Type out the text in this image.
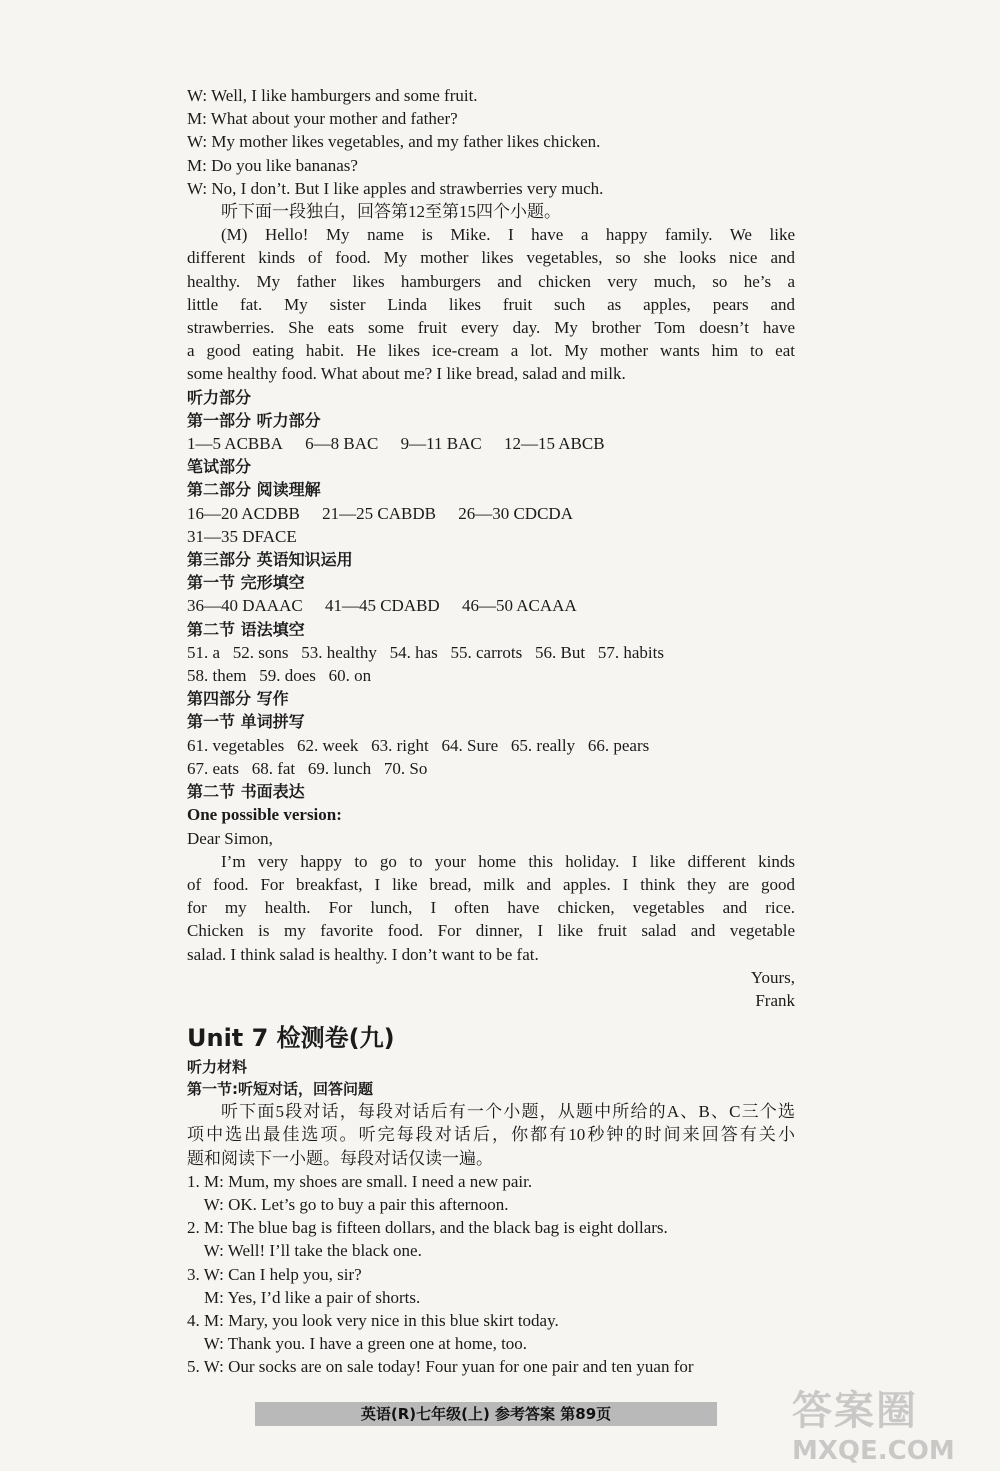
W: Well, I like hamburgers and some fruit.
M: What about your mother and father?
W: My mother likes vegetables, and my father likes chicken.
M: Do you like bananas?
W: No, I don’t. But I like apples and strawberries very much.
听下面一段独白，回答第12至第15四个小题。
(M) Hello! My name is Mike. I have a happy family. We like
different kinds of food. My mother likes vegetables, so she looks nice and
healthy. My father likes hamburgers and chicken very much, so he’s a
little fat. My sister Linda likes fruit such as apples, pears and
strawberries. She eats some fruit every day. My brother Tom doesn’t have
a good eating habit. He likes ice-cream a lot. My mother wants him to eat
some healthy food. What about me? I like bread, salad and milk.
听力部分
第一部分 听力部分
1—5 ACBBA 6—8 BAC 9—11 BAC 12—15 ABCB
笔试部分
第二部分 阅读理解
16—20 ACDBB 21—25 CABDB 26—30 CDCDA
31—35 DFACE
第三部分 英语知识运用
第一节 完形填空
36—40 DAAAC 41—45 CDABD 46—50 ACAAA
第二节 语法填空
51. a 52. sons 53. healthy 54. has 55. carrots 56. But 57. habits
58. them 59. does 60. on
第四部分 写作
第一节 单词拼写
61. vegetables 62. week 63. right 64. Sure 65. really 66. pears
67. eats 68. fat 69. lunch 70. So
第二节 书面表达
One possible version:
Dear Simon,
I’m very happy to go to your home this holiday. I like different kinds
of food. For breakfast, I like bread, milk and apples. I think they are good
for my health. For lunch, I often have chicken, vegetables and rice.
Chicken is my favorite food. For dinner, I like fruit salad and vegetable
salad. I think salad is healthy. I don’t want to be fat.
Yours,
Frank
Unit 7 检测卷(九)
听力材料
第一节:听短对话，回答问题
听下面5段对话，每段对话后有一个小题，从题中所给的A、B、C三个选
项中选出最佳选项。听完每段对话后，你都有10秒钟的时间来回答有关小
题和阅读下一小题。每段对话仅读一遍。
1. M: Mum, my shoes are small. I need a new pair.
W: OK. Let’s go to buy a pair this afternoon.
2. M: The blue bag is fifteen dollars, and the black bag is eight dollars.
W: Well! I’ll take the black one.
3. W: Can I help you, sir?
M: Yes, I’d like a pair of shorts.
4. M: Mary, you look very nice in this blue skirt today.
W: Thank you. I have a green one at home, too.
5. W: Our socks are on sale today! Four yuan for one pair and ten yuan for
英语(R)七年级(上) 参考答案 第89页	答案圈
MXQE.COM
